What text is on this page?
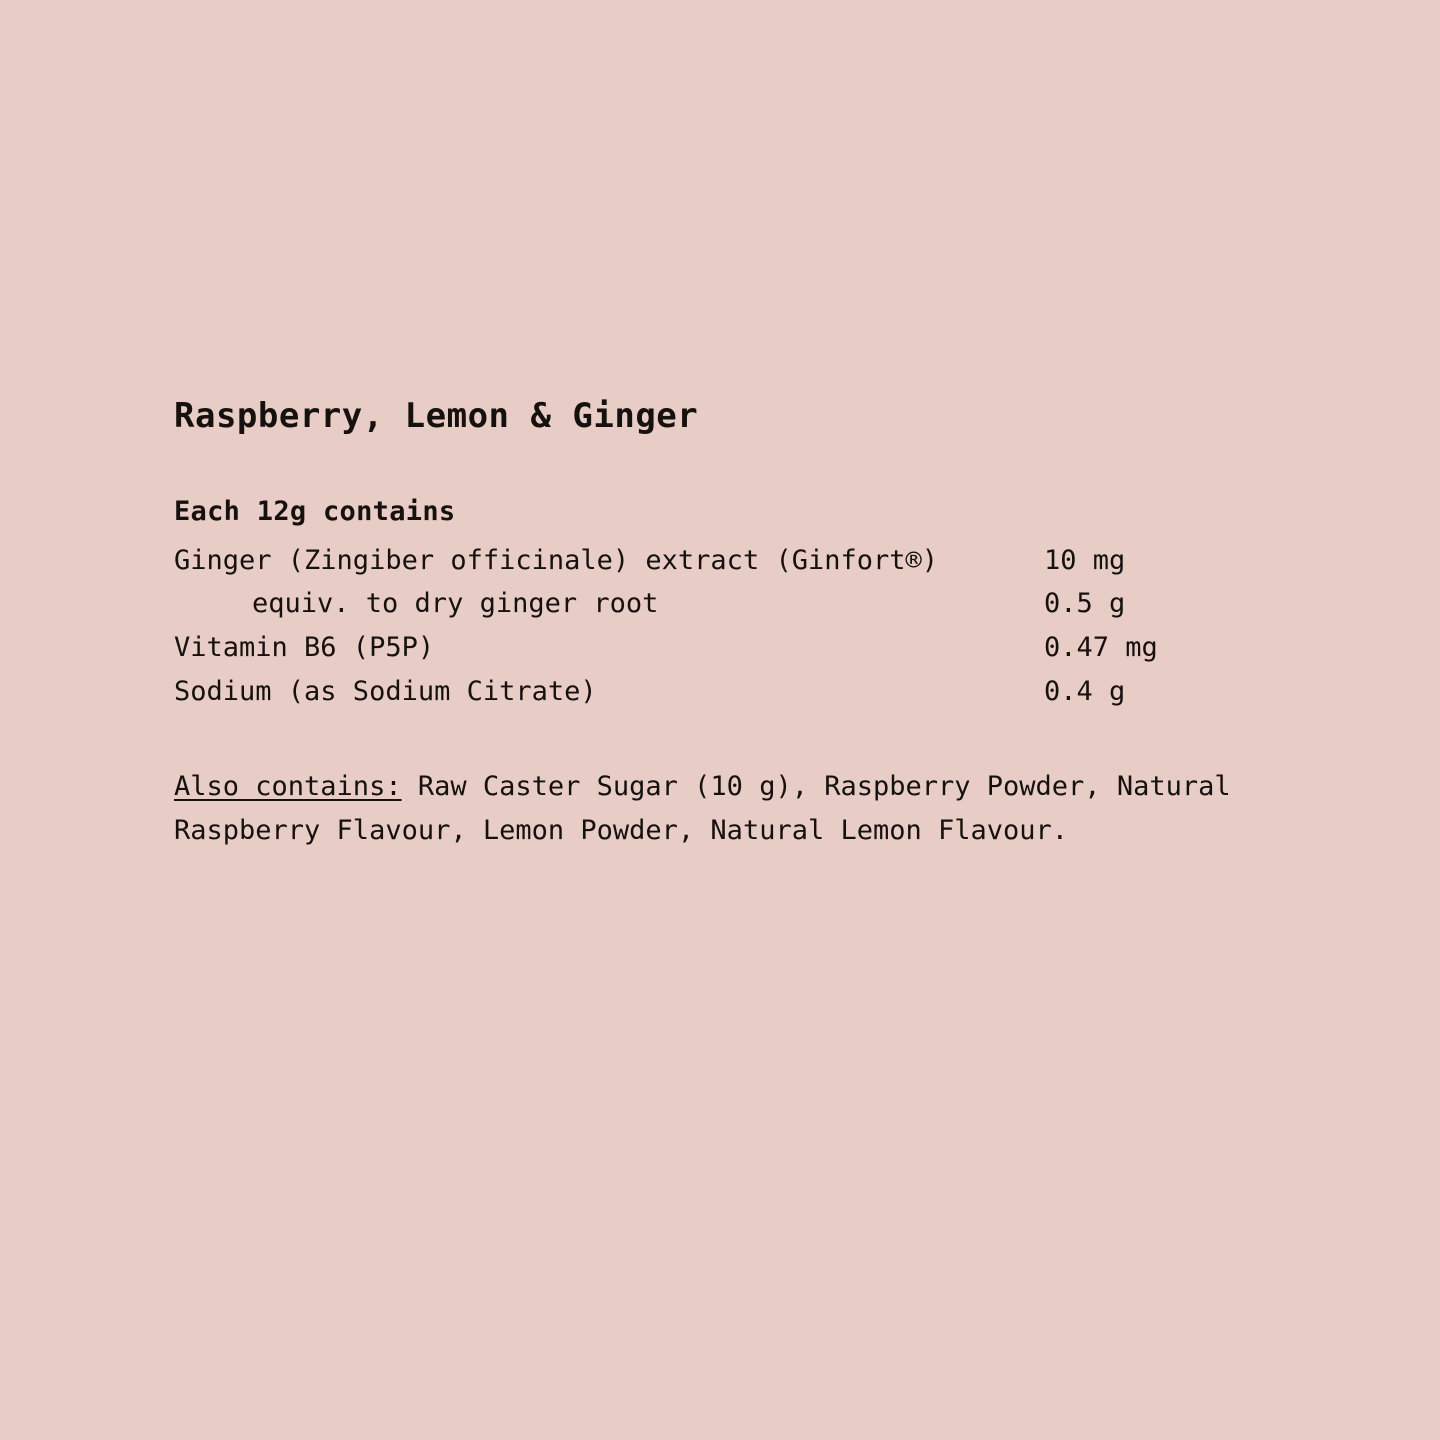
Raspberry, Lemon & Ginger
Each 12g contains
Ginger (Zingiber officinale) extract (Ginfort®)	10 mg
equiv. to dry ginger root	0.5 g
Vitamin B6 (P5P)	0.47 mg
Sodium (as Sodium Citrate)	0.4 g

Also contains: Raw Caster Sugar (10 g), Raspberry Powder, Natural Raspberry Flavour, Lemon Powder, Natural Lemon Flavour.
